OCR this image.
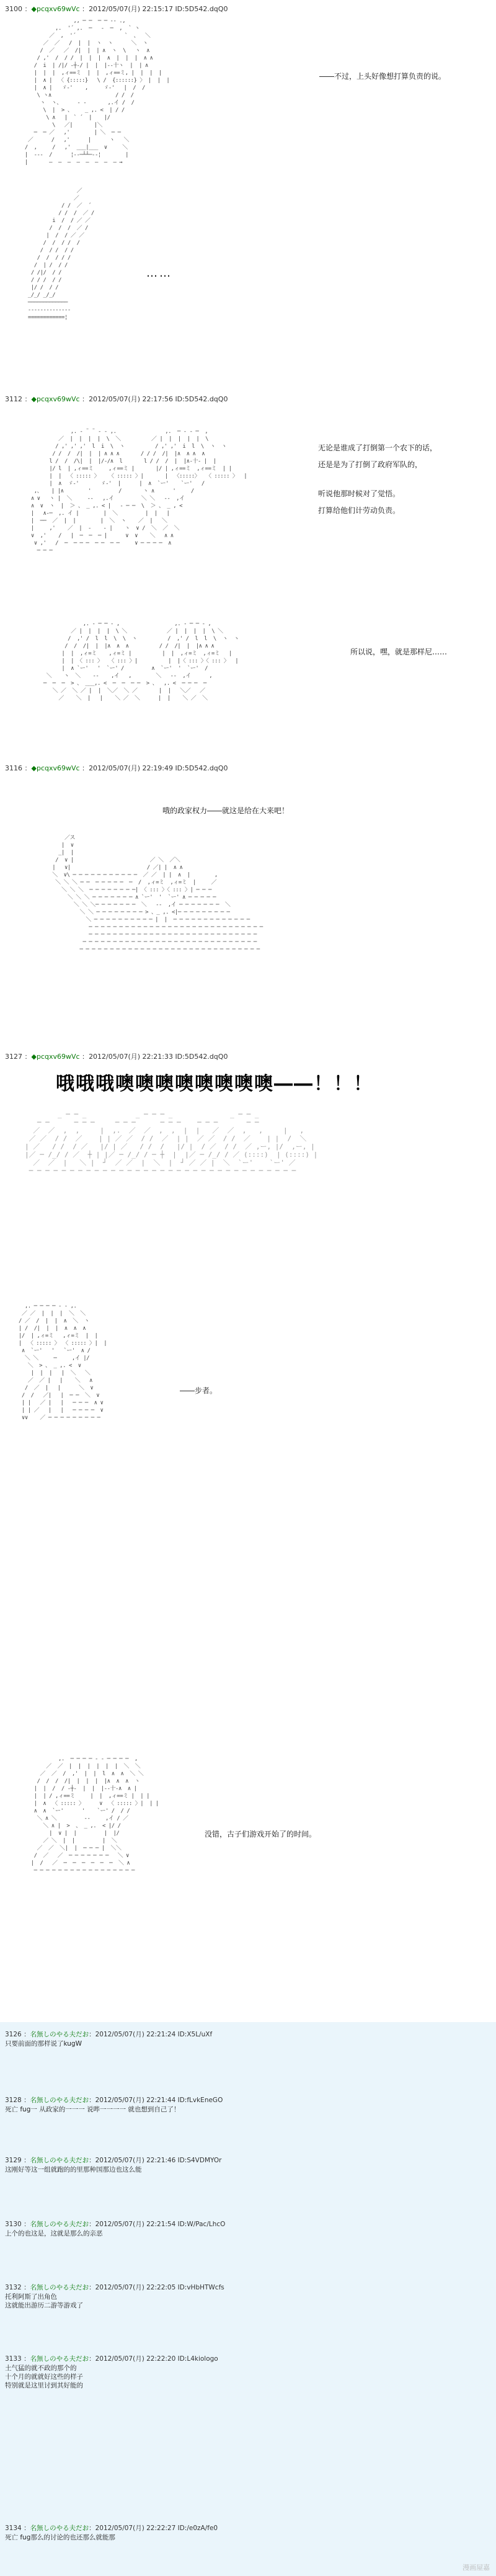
3100 ：◆pcqxv69wVc ：2012/05/07(月) 22:15:17 ID:5D542.dqQ0
,, ─ ─  ─ ─ ‐‐ .,
,.  '´ ,.  ─   ‐  ─  ,  ` ヽ
／  ,  '´                `  、  ＼
／  ／   /  |  |  ヽ  ヽ      ＼  ヽ
/  ／   ／  /|  |  | ∧  ヽ  \   ヽ  ∧
/ ,'  /  / /  |  |  |  ∧  |  |  |  ∧ ∧
/  i  | /|/ ‐┼‐/ |  |  |‐‐十ヽ  |  | ∧
|  |  |  ,ィ==ミ  |  |  ,ィ==ミ, |  |  |  |
|  ∧ |  〈 {:::::}   \ /  {::::::} 〉 |  |  |
|  ∧ |   ゞ-'    ,     ゞ-'   |  /  /
\ ヽ∧                     / /  /
ヽ  ヽ、     ‐ ‐       ,.イ /  /
\  |  > 、    _ ,. <  | / /
\ ∧   |  ` ´  |    |/
\   ／|       |＼
─  ─ ／   ,'        | ＼  ─ ─
／      /   ,'      |      ヽ   ＼
/  ,     /   ,'  ___|___  ∨     ＼
|  ‐‐‐  /      ¦‐‐─┴┴─‐‐¦        |
|       ―  ―  ―  ―  ―  ―  ―  ― →
――不过，上头好像想打算负责的说。
／
／
/ /  ／  ´
/ /  /  ／ /
i  /  / ／ ／
/  /  /  ／ /
|  /  / ／ ／
/  /  / /  /
/  / /  / /
/  /  / / /
/  | /  / /
/ /|/  / /
/ / /  / /
|/ /  / /
_/_/ _/_/
─────────────
‐‐‐‐‐‐‐‐‐‐‐‐‐‐
============¦
……
3112 ：◆pcqxv69wVc ：2012/05/07(月) 22:17:56 ID:5D542.dqQ0
,. ‐ ¨ ¨ ‐ ‐ ,.                ,.  ─ ‐ ‐ ─  ,
／  |  |  |  |  \  ＼          ／ |  |  |  |  |  \
/ ,' ,' ,'  l  i  \  ヽ          / ,' ,'  i  l  \  ヽ  ヽ
/ /  /  /|  |  | ∧ ∧ ∧       / / /  /|  |∧  ∧ ∧  ∧
l /  /  /\|  |  |/‐/∧  l       l / /  /  |  |∧‐十‐ |  |
|/ l  | ,ィ==ミ     ,ィ==ミ |       |/ | ,ィ==ミ  ,ィ==ミ  | |
|  |  〈 ::::: 〉   〈 ::::: 〉|       |  〈:::::〉  〈 ::::: 〉  |
|  ∧  ゞ-'       ゞ-'  |      |  ∧  `ー'    `ー'   /
,、   | |∧        '         /       ヽ ∧      '     /
∧ ∨   ヽ |  ＼     ‐‐   ,.イ         ＼ ＼   ‐‐  ,イ
∧  ∨  ヽ  |  ＞ 、 _ ,. < |   ‐ ─ ─  \  ＞ 、 _ , <
|   ∧‐─  ,. イ |        |  ＼         |  |   |
|  ──  ／  |  |        |  ＼  ヽ    ／  |   ＼
|     ,'    ／  |  ‐    ‐ |    ヽ  ∨ /  ＼  ／  ＼
∨  ,'    /   |  ─  ─  ─ |      ∨  ∨    ＼   ∧ ∧
∨ ,'   /  ─  ─ ─ ─  ─ ─  ─ ─     ∨ ─ ─ ─ ─  ∧
─ ─ ─
无论是谁成了打倒第一个农下的话，
还是是为了打倒了政府军队的，
听说他那时候对了觉悟。
打算给他们计劳动负责。
,. ‐ ─ ─ ‐ ,                  ,. ‐ ─ ─ ‐ ,
／ |  |  |  |  \ ＼             ／ |  |  |  |  \ ＼
/  ,' /  l  l  \  \  ヽ          /  ,' /  l  l  \  ヽ  ヽ
/  /  /|  |  |∧  ∧  ∧          / /  /|  |  |∧ ∧ ∧
|  |  ,ィ=ミ    ,ィ=ミ |          |  |  ,ィ=ミ  ,ィ=ミ   |
|  | 〈 ::: 〉  〈 ::: 〉|          |  |〈 ::: 〉〈 ::: 〉  |
|  ∧ `ー'   '  `ー' /         ∧  `ー'  '  `ー'  /
＼    ヽ  ＼    ‐‐    ,イ   ,        ＼   ‐‐  ,イ      ,
─  ─  ─  > 、 ___,. <  ─  ─  ─ ─  > 、  ,. <  ─ ─ ─  ─
＼ ／  ＼ ／ |  |  ＼／  ＼ ／       |  |   ＼／   ／
／    ＼  |   |    ＼ ／  ＼      |  |    ＼ ／  ＼
所以说，嘿，就是那样尼……
3116 ：◆pcqxv69wVc ：2012/05/07(月) 22:19:49 ID:5D542.dqQ0
哦的政家权力――就这是给在大来吧！
／ス
|  ∨
_|  |
/  ∨ |                         ／ ＼  ／＼
|   ∨|                         / ／| |  ∧ ∧
＼  ∨\ ─ ─ ─ ─ ─ ─ ─ ─ ─ ─ ─  ／ ／  | |  ∧  |        ,
＼ ＼ ＼ ─ ─  ─ ─ ─ ─ ─  ─  /  ,ィ=ミ  ,ィ=ミ  |     ／
＼ ＼ ＼  ─ ─ ─ ─ ─ ─ ─ ─| 〈 ::: 〉〈 ::: 〉| ─ ─ ─
＼ ＼ ＼ ─ ─ ─ ─ ─ ─ ─ ∧ `ー'  '  `ー' ∧ ─ ─ ─ ─ ─
＼ ＼ ＼─ ─ ─ ─ ─ ─ ─  ＼   ‐‐  ,イ ─ ─ ─ ─ ─ ─ ─  ＼
＼ ＼ ─ ─ ─ ─ ─ ─ ─ ─ > 、_ ,. <|─ ─ ─ ─ ─ ─ ─ ─ ─
＼ ─ ─ ─ ─ ─ ─ ─ ─ ─ ─ |  |  ─ ─ ─ ─ ─ ─ ─ ─ ─ ─ ─ ─ ─
─ ─ ─ ─ ─ ─ ─ ─ ─ ─ ─ ─ ─ ─ ─ ─ ─ ─ ─ ─ ─ ─ ─ ─ ─ ─ ─ ─ ─
─ ─ ─ ─ ─ ─ ─ ─ ─ ─ ─ ─ ─ ─ ─ ─ ─ ─ ─ ─ ─ ─ ─ ─ ─ ─ ─ ─
─ ─ ─ ─ ─ ─ ─ ─ ─ ─ ─ ─ ─ ─ ─ ─ ─ ─ ─ ─ ─ ─ ─ ─ ─ ─ ─ ─ ─
─ ─ ─ ─ ─ ─ ─ ─ ─ ─ ─ ─ ─ ─ ─ ─ ─ ─ ─ ─ ─ ─ ─ ─ ─ ─ ─ ─ ─ ─
3127 ：◆pcqxv69wVc ：2012/05/07(月) 22:21:33 ID:5D542.dqQ0
哦哦哦噢噢噢噢噢噢噢噢――！！！
_ ─ ─ _            _ ─ ─ ─ _              _ ─ ─ _
─ ─      ─ ─ ─     ─ ─ ─      ─ ─ ─    ─ ─ ─       ─ ─
／  ／  ,  ,     |  ,.  ／  ／  ,  ,  |  |   ／  ／  ,   ,     |   ,
／ ／  / /  ／    | | ／ ／  / /  ／  | |  ／ ／  / /  ／    | |  /  ＼
| ／   / /  / ／   |/ | ／   / /  /   |/ |  / ／  / /  ／ ,ー, |/  ,ー, |
|／ ─ /_/ / ／  ┼ | |／ ─ /_/ / ─ ┼  |  |／ ─ /_/ / ／ (::::)  | (::::) |
／  ／  |   ＼ |  ┘  ／ ／  |  ＼  |  ┘ ／ ／ |  ＼  `ー'    `ー' ／
─ ─ ─ ─ ─ ─ ─ ─ ─ ─ ─ ─ ─ ─ ─ ─ ─ ─ ─ ─ ─ ─ ─ ─ ─ ─ ─ ─ ─ ─ ─ ─ ─
,. ─ ─ ─ ─ ‐ ‐ ,.
／ ／  |  |  |  ＼  ＼
/ ／  /  |  |  ∧  ＼  ヽ
| /  /|  |  |  ∧  ∧  ∧
|/  | ,ィ=ミ   ,ィ=ミ  |  |
|  〈 ::::: 〉 〈 ::::: 〉|  |
∧  `ー'   '   `ー'  ∧ /
＼ ＼     ─     ,イ |/
＼  > 、 _ ,. <  ∨
|  |  |   |  ＼   ＼
／  ／ |   |    ＼   ∧
/  ／  |   |      ＼  ∨
/  /   ／|   |  ─ ─  ＼  ∨
| |   ／ |   |   ─ ─ ─  ∧ ∨
| | ／   |   |   ─ ─ ─ ─  ∨
∨∨    ／ ─ ─ ─ ─ ─ ─ ─ ─ ─
――步者。
,.  ─ ─ ─ ─ ‐ ‐ ─ ─ ─ ─  ,
／  ／  |  |  |  |  |  |  ＼  ＼
／  ／  /  ,'  |  |  l  ∧  ∧  ＼ ＼
/  /  /  /|  |  |  |  |∧  ∧  ∧  ヽ
|  |  /  / ‐┼‐  |  |  |‐‐十‐∧  ∧ |
|  | / ,ィ==ミ     |  |  ,ィ==ミ |  | |
|  ∧  〈 ::::: 〉     ∨  〈 ::::: 〉|  | |
∧  ∧  `ー'      '    `ー' /  / /
＼ ∧ ＼         ‐‐     ,イ / ／
＼ ∧ |  >  、 _ ,.  < |/ /
|  ∨ |  |         |  |/
／ ＼  |  |         |  ＼
／  ／  ＼|  |  ─ ─ ─ |  ＼＼
/  ／   ／  ─ ─ ─ ─ ─ ─ ─   ＼ ∨
|  /   ／  ─  ─  ─  ─  ─  ─  ＼ ∧
─ ─ ─ ─ ─ ─ ─ ─ ─ ─ ─ ─ ─ ─ ─ ─ ─
没错，古子们游戏开始了的时间。
3126 ：名無しのやる夫だお：2012/05/07(月) 22:21:24 ID:X5L/uXf
只要前面的那样说了kugW
3128 ：名無しのやる夫だお：2012/05/07(月) 22:21:44 ID:fLvkEneGO
死亡 fug一 从政家的一一一 说哔一一一一 就也想到自己了！
3129 ：名無しのやる夫だお：2012/05/07(月) 22:21:46 ID:S4VDMYOr
这刚好等这一组就跑的的里那种国那边也这么能
3130 ：名無しのやる夫だお：2012/05/07(月) 22:21:54 ID:W/Pac/LhcO
上个的也这是，这就是那么的亲恶
3132 ：名無しのやる夫だお：2012/05/07(月) 22:22:05 ID:vHbHTWcfs
托利阿斯了出角色
这就能出游历二游等游戏了
3133 ：名無しのやる夫だお：2012/05/07(月) 22:22:20 ID:L4kiologo
土气猛的就不政的那个的
十个月的就就好这些的样子
特别就是这里讨到其好能的
3134 ：名無しのやる夫だお：2012/05/07(月) 22:22:27 ID:/e0zA/fe0
死亡 fug那么的讨论的也还那么就能那
漫画屋嘉
